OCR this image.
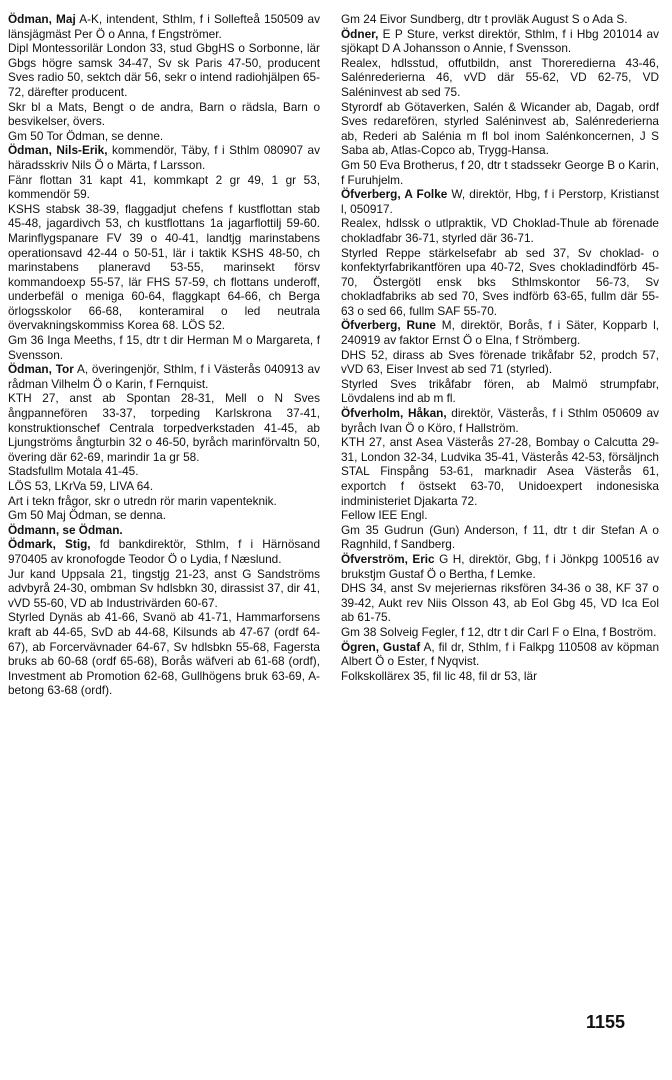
Ödman, Maj A-K, intendent, Sthlm, f i Sollefteå 150509 av länsjägmäst Per Ö o Anna, f Engströmer.

Dipl Montessorilär London 33, stud GbgHS o Sorbonne, lär Gbgs högre samsk 34-47, Sv sk Paris 47-50, producent Sves radio 50, sektch där 56, sekr o intend radiohjälpen 65-72, därefter producent.

Skr bl a Mats, Bengt o de andra, Barn o rädsla, Barn o besvikelser, övers.

Gm 50 Tor Ödman, se denne.

Ödman, Nils-Erik, kommendör, Täby, f i Sthlm 080907 av häradsskriv Nils Ö o Märta, f Larsson.

Fänr flottan 31 kapt 41, kommkapt 2 gr 49, 1 gr 53, kommendör 59.

KSHS stabsk 38-39, flaggadjut chefens f kustflottan stab 45-48, jagardivch 53, ch kustflottans 1a jagarflottilj 59-60. Marinflygspanare FV 39 o 40-41, landtjg marinstabens operationsavd 42-44 o 50-51, lär i taktik KSHS 48-50, ch marinstabens planeravd 53-55, marinsekt försv kommandoexp 55-57, lär FHS 57-59, ch flottans underoff, underbefäl o meniga 60-64, flaggkapt 64-66, ch Berga örlogsskolor 66-68, konteramiral o led neutrala övervakningskommiss Korea 68. LÖS 52.

Gm 36 Inga Meeths, f 15, dtr t dir Herman M o Margareta, f Svensson.

Ödman, Tor A, överingenjör, Sthlm, f i Västerås 040913 av rådman Vilhelm Ö o Karin, f Fernquist.

KTH 27, anst ab Spontan 28-31, Mell o N Sves ångpannefören 33-37, torpeding Karlskrona 37-41, konstruktionschef Centrala torpedverkstaden 41-45, ab Ljungströms ångturbin 32 o 46-50, byråch marinförvaltn 50, övering där 62-69, marindir 1a gr 58.

Stadsfullm Motala 41-45.

LÖS 53, LKrVa 59, LIVA 64.

Art i tekn frågor, skr o utredn rör marin vapenteknik.

Gm 50 Maj Ödman, se denna.

Ödmann, se Ödman.

Ödmark, Stig, fd bankdirektör, Sthlm, f i Härnösand 970405 av kronofogde Teodor Ö o Lydia, f Næslund.

Jur kand Uppsala 21, tingstjg 21-23, anst G Sandströms advbyrå 24-30, ombman Sv hdlsbkn 30, dirassist 37, dir 41, vVD 55-60, VD ab Industrivärden 60-67.

Styrled Dynäs ab 41-66, Svanö ab 41-71, Hammarforsens kraft ab 44-65, SvD ab 44-68, Kilsunds ab 47-67 (ordf 64-67), ab Forcervävnader 64-67, Sv hdlsbkn 55-68, Fagersta bruks ab 60-68 (ordf 65-68), Borås wäfveri ab 61-68 (ordf), Investment ab Promotion 62-68, Gullhögens bruk 63-69, A-betong 63-68 (ordf).

Gm 24 Eivor Sundberg, dtr t provläk August S o Ada S.

Ödner, E P Sture, verkst direktör, Sthlm, f i Hbg 201014 av sjökapt D A Johansson o Annie, f Svensson.

Realex, hdlsstud, offutbildn, anst Thoreredierna 43-46, Salénrederierna 46, vVD där 55-62, VD 62-75, VD Saléninvest ab sed 75.

Styrordf ab Götaverken, Salén & Wicander ab, Dagab, ordf Sves redarefören, styrled Saléninvest ab, Salénrederierna ab, Rederi ab Salénia m fl bol inom Salénkoncernen, J S Saba ab, Atlas-Copco ab, Trygg-Hansa.

Gm 50 Eva Brotherus, f 20, dtr t stadssekr George B o Karin, f Furuhjelm.

Öfverberg, A Folke W, direktör, Hbg, f i Perstorp, Kristianst l, 050917.

Realex, hdlssk o utlpraktik, VD Choklad-Thule ab förenade chokladfabr 36-71, styrled där 36-71.

Styrled Reppe stärkelsefabr ab sed 37, Sv choklad- o konfektyrfabrikantfören upa 40-72, Sves chokladindförb 45-70, Östergötl ensk bks Sthlmskontor 56-73, Sv chokladfabriks ab sed 70, Sves indförb 63-65, fullm där 55-63 o sed 66, fullm SAF 55-70.

Öfverberg, Rune M, direktör, Borås, f i Säter, Kopparb l, 240919 av faktor Ernst Ö o Elna, f Strömberg.

DHS 52, dirass ab Sves förenade trikåfabr 52, prodch 57, vVD 63, Eiser Invest ab sed 71 (styrled).

Styrled Sves trikåfabr fören, ab Malmö strumpfabr, Lövdalens ind ab m fl.

Öfverholm, Håkan, direktör, Västerås, f i Sthlm 050609 av byråch Ivan Ö o Köro, f Hallström.

KTH 27, anst Asea Västerås 27-28, Bombay o Calcutta 29-31, London 32-34, Ludvika 35-41, Västerås 42-53, försäljnch STAL Finspång 53-61, marknadir Asea Västerås 61, exportch f östsekt 63-70, Unidoexpert indonesiska indministeriet Djakarta 72.

Fellow IEE Engl.

Gm 35 Gudrun (Gun) Anderson, f 11, dtr t dir Stefan A o Ragnhild, f Sandberg.

Öfverström, Eric G H, direktör, Gbg, f i Jönkpg 100516 av brukstjm Gustaf Ö o Bertha, f Lemke.

DHS 34, anst Sv mejeriernas riksfören 34-36 o 38, KF 37 o 39-42, Aukt rev Niis Olsson 43, ab Eol Gbg 45, VD Ica Eol ab 61-75.

Gm 38 Solveig Fegler, f 12, dtr t dir Carl F o Elna, f Boström.

Ögren, Gustaf A, fil dr, Sthlm, f i Falkpg 110508 av köpman Albert Ö o Ester, f Nyqvist.

Folkskollärex 35, fil lic 48, fil dr 53, lär

1155
